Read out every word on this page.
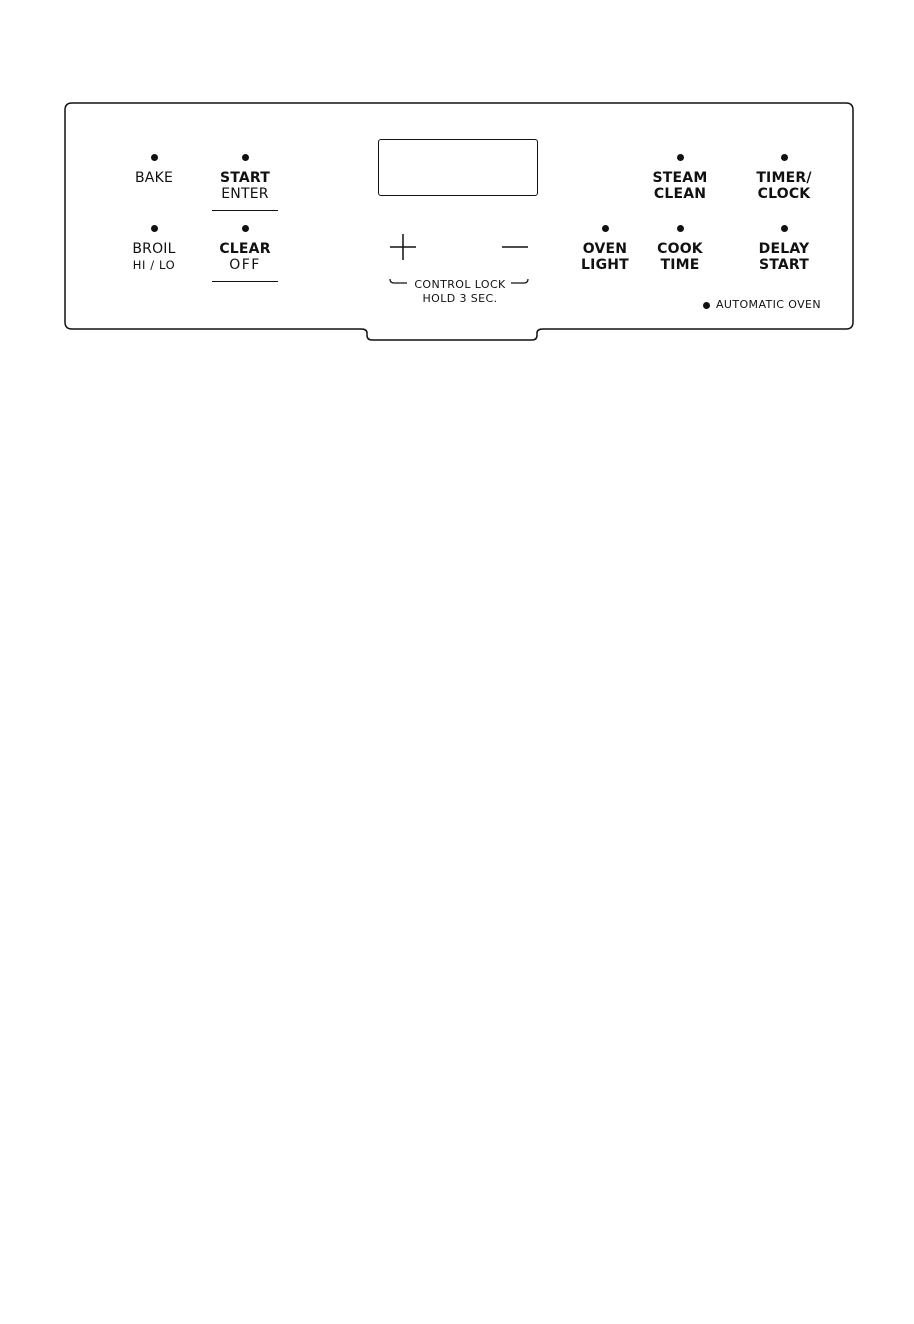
BAKE	START
ENTER
BROIL
HI / LO
CLEAR
OFF
CONTROL LOCK
HOLD 3 SEC.
OVEN
LIGHT
STEAM
CLEAN
COOK
TIME
TIMER/
CLOCK
DELAY
START
AUTOMATIC OVEN
